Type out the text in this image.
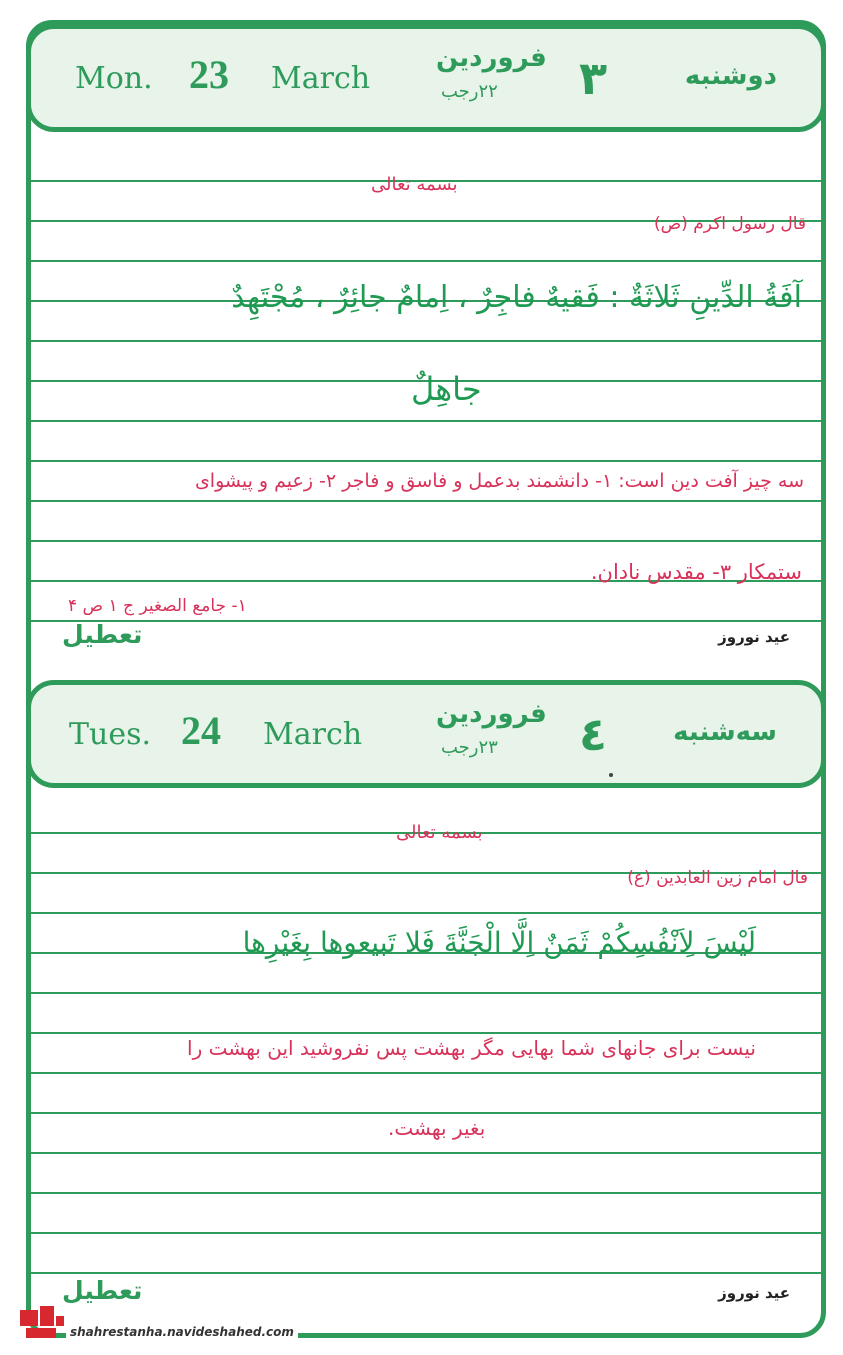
Mon. 23 March
فروردین
۲۲رجب ۳	دوشنبه
بسمه تعالی
قال رسول اکرم (ص)
آفَةُ الدِّینِ ثَلاثَةٌ : فَقیهٌ فاجِرٌ ، اِمامٌ جائِرٌ ، مُجْتَهِدٌ
جاهِلٌ
سه چیز آفت دین است: ۱- دانشمند بدعمل و فاسق و فاجر ۲- زعیم و پیشوای
ستمکار ۳- مقدس نادان.
۱- جامع الصغیر ج ۱ ص ۴
تعطیل	عید نوروز
Tues. 24 March
فروردین
۲۳رجب ٤	سه‌شنبه
بسمه تعالی
قال امام زین العابدین (ع)
لَیْسَ لِاَنْفُسِکُمْ ثَمَنٌ اِلَّا الْجَنَّةَ فَلا تَبیعوها بِغَیْرِها
نیست برای جانهای شما بهایی مگر بهشت پس نفروشید این بهشت را
بغیر بهشت.
تعطیل	عید نوروز
shahrestanha.navideshahed.com
